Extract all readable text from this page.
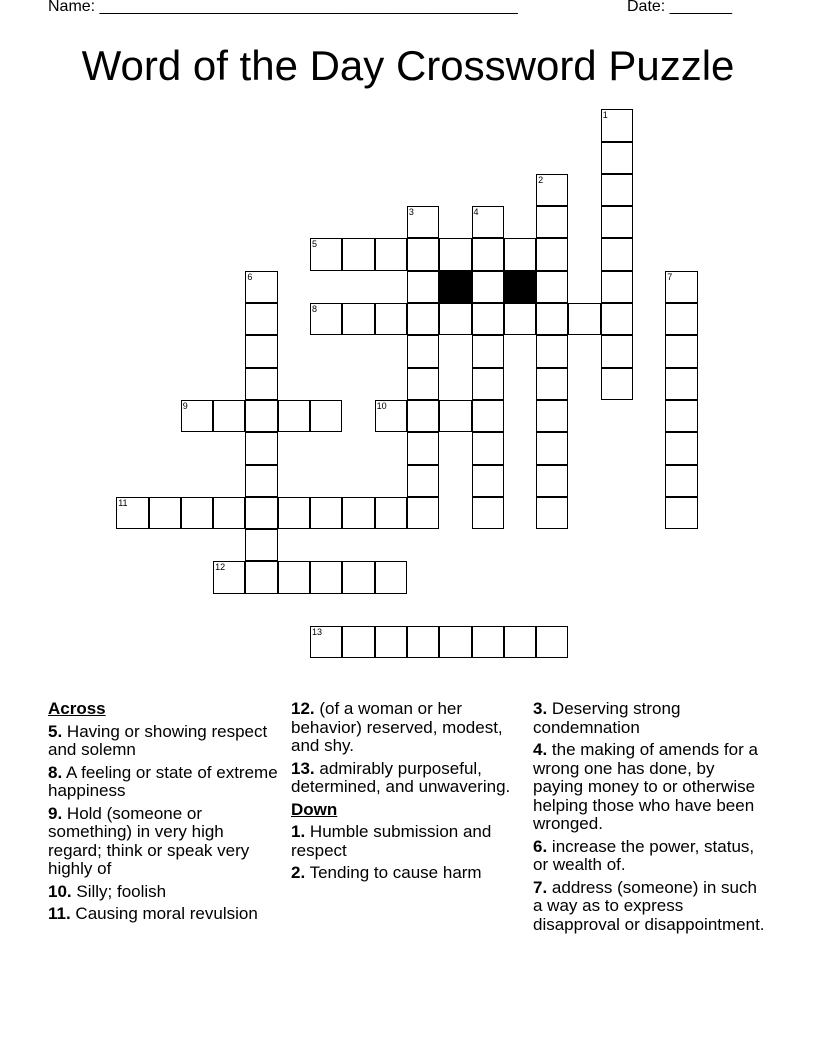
Name: _______________________________________________	Date: _______
Word of the Day Crossword Puzzle
1
2
3	4
5
6	7
8
9	10
11
12
13
Across
5. Having or showing respect and solemn
8. A feeling or state of extreme happiness
9. Hold (someone or something) in very high regard; think or speak very highly of
10. Silly; foolish
11. Causing moral revulsion
12. (of a woman or her behavior) reserved, modest, and shy.
13. admirably purposeful, determined, and unwavering.
Down
1. Humble submission and respect
2. Tending to cause harm
3. Deserving strong condemnation
4. the making of amends for a wrong one has done, by paying money to or otherwise helping those who have been wronged.
6. increase the power, status, or wealth of.
7. address (someone) in such a way as to express disapproval or disappointment.
